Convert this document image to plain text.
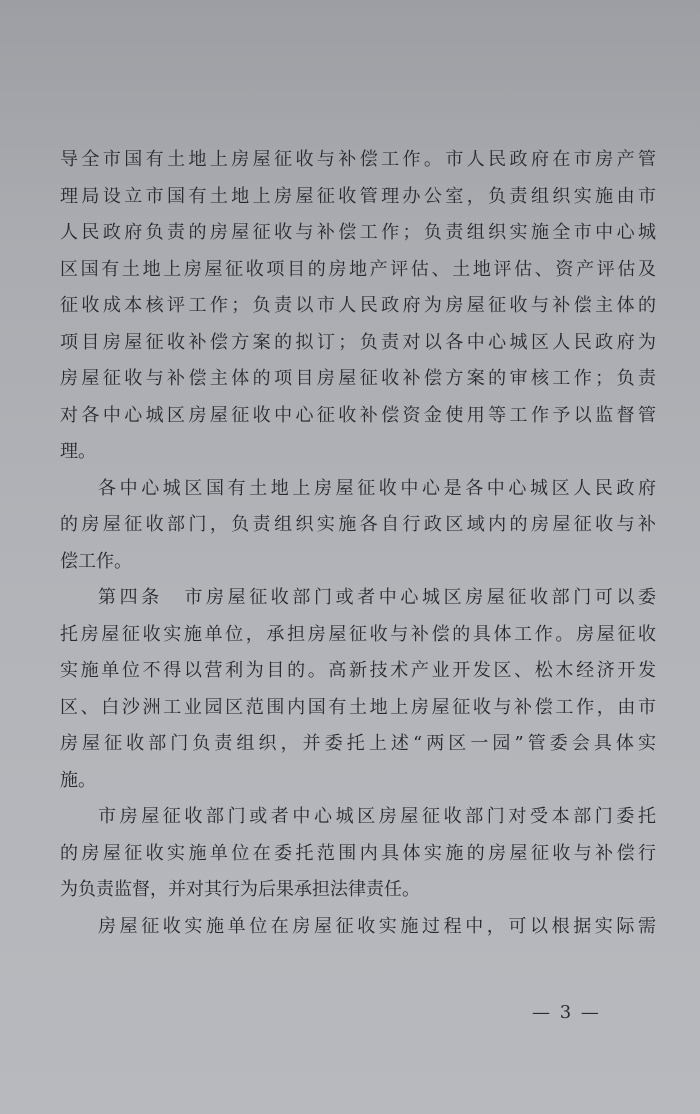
导全市国有土地上房屋征收与补偿工作。市人民政府在市房产管
理局设立市国有土地上房屋征收管理办公室，负责组织实施由市
人民政府负责的房屋征收与补偿工作；负责组织实施全市中心城
区国有土地上房屋征收项目的房地产评估、土地评估、资产评估及
征收成本核评工作；负责以市人民政府为房屋征收与补偿主体的
项目房屋征收补偿方案的拟订；负责对以各中心城区人民政府为
房屋征收与补偿主体的项目房屋征收补偿方案的审核工作；负责
对各中心城区房屋征收中心征收补偿资金使用等工作予以监督管
理。
各中心城区国有土地上房屋征收中心是各中心城区人民政府
的房屋征收部门，负责组织实施各自行政区域内的房屋征收与补
偿工作。
第四条　市房屋征收部门或者中心城区房屋征收部门可以委
托房屋征收实施单位，承担房屋征收与补偿的具体工作。房屋征收
实施单位不得以营利为目的。高新技术产业开发区、松木经济开发
区、白沙洲工业园区范围内国有土地上房屋征收与补偿工作，由市
房屋征收部门负责组织，并委托上述“两区一园”管委会具体实
施。
市房屋征收部门或者中心城区房屋征收部门对受本部门委托
的房屋征收实施单位在委托范围内具体实施的房屋征收与补偿行
为负责监督，并对其行为后果承担法律责任。
房屋征收实施单位在房屋征收实施过程中，可以根据实际需
— 3 —
